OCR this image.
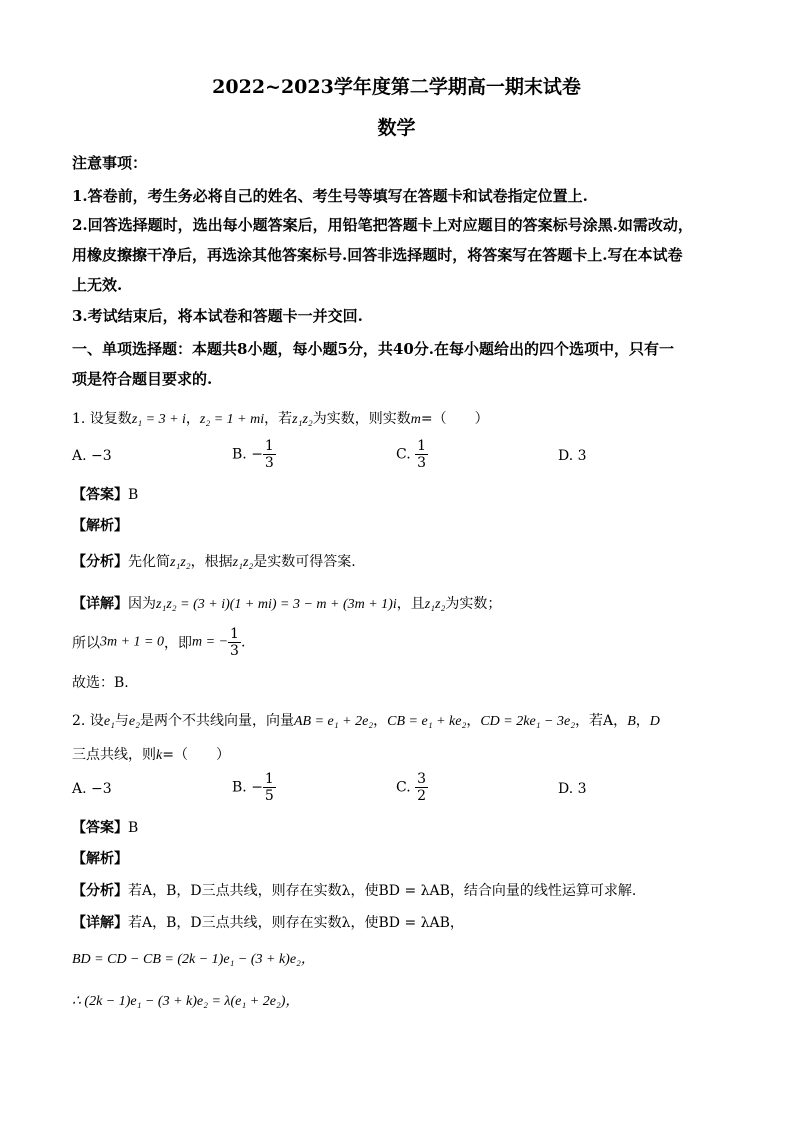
2022~2023学年度第二学期高一期末试卷
数学
注意事项：
1.答卷前，考生务必将自己的姓名、考生号等填写在答题卡和试卷指定位置上.
2.回答选择题时，选出每小题答案后，用铅笔把答题卡上对应题目的答案标号涂黑.如需改动，
用橡皮擦擦干净后，再选涂其他答案标号.回答非选择题时，将答案写在答题卡上.写在本试卷
上无效.
3.考试结束后，将本试卷和答题卡一并交回.
一、单项选择题：本题共8小题，每小题5分，共40分.在每小题给出的四个选项中，只有一
项是符合题目要求的.
1. 设复数z₁ = 3 + i，z₂ = 1 + mi，若z₁z₂为实数，则实数m=（　　）
A. −3	B. − $\frac{1}{3}$	C. $\frac{1}{3}$	D. 3
【答案】B
【解析】
【分析】先化简z₁z₂，根据z₁z₂是实数可得答案.
【详解】因为z₁z₂ = (3 + i)(1 + mi) = 3 − m + (3m + 1)i，且z₁z₂为实数；
所以3m + 1 = 0，即m = − $\frac{1}{3}$ .
故选：B.
2. 设e₁与e₂是两个不共线向量，向量AB = e₁ + 2e₂，CB = e₁ + ke₂，CD = 2ke₁ − 3e₂，若A，B，D
三点共线，则k=（　　）
A. −3	B. − $\frac{1}{5}$	C. $\frac{3}{2}$	D. 3
【答案】B
【解析】
【分析】若A，B，D三点共线，则存在实数λ，使BD = λAB，结合向量的线性运算可求解.
【详解】若A，B，D三点共线，则存在实数λ，使BD = λAB，
BD = CD − CB = (2k − 1)e₁ − (3 + k)e₂，
∴ (2k − 1)e₁ − (3 + k)e₂ = λ(e₁ + 2e₂)，
